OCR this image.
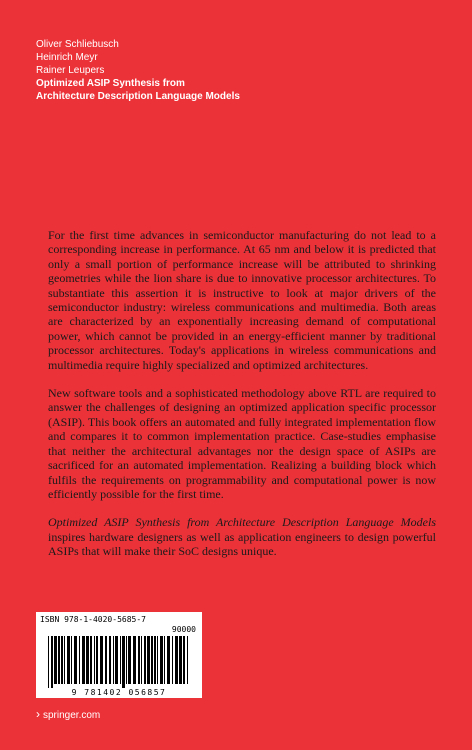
Oliver Schliebusch
Heinrich Meyr
Rainer Leupers
Optimized ASIP Synthesis from
Architecture Description Language Models

For the first time advances in semiconductor manufacturing do not lead to a corresponding increase in performance. At 65 nm and below it is predicted that only a small portion of performance increase will be attributed to shrinking geometries while the lion share is due to innovative processor architectures. To substantiate this assertion it is instructive to look at major drivers of the semiconductor industry: wireless communications and multimedia. Both areas are characterized by an exponentially increasing demand of computational power, which cannot be provided in an energy-efficient manner by traditional processor architectures. Today's applications in wireless communications and multimedia require highly specialized and optimized architectures.

New software tools and a sophisticated methodology above RTL are required to answer the challenges of designing an optimized application specific processor (ASIP). This book offers an automated and fully integrated implementation flow and compares it to common implementation practice. Case-studies emphasise that neither the architectural advantages nor the design space of ASIPs are sacrificed for an automated implementation. Realizing a building block which fulfils the requirements on programmability and computational power is now efficiently possible for the first time.

Optimized ASIP Synthesis from Architecture Description Language Models inspires hardware designers as well as application engineers to design powerful ASIPs that will make their SoC designs unique.

ISBN 978-1-4020-5685-7
90000
9 781402 056857
› springer.com
